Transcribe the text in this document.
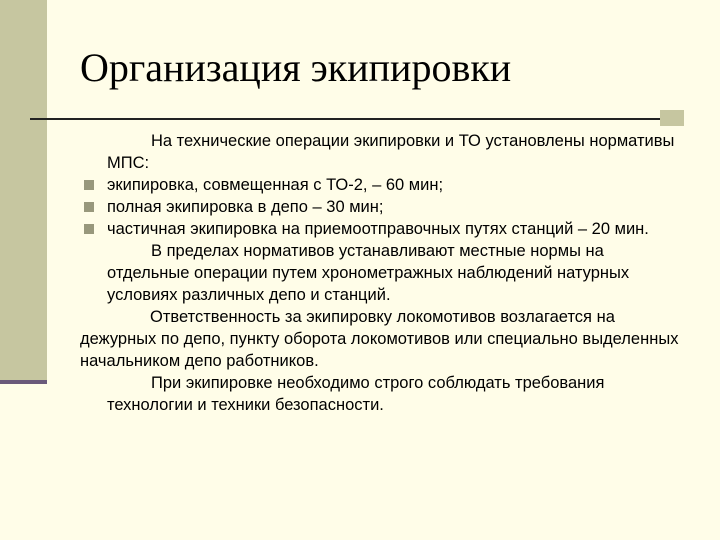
Организация экипировки

На технические операции экипировки и ТО установлены нормативы МПС:

экипировка, совмещенная с ТО-2, – 60 мин;

полная экипировка в депо – 30 мин;

частичная экипировка на приемоотправочных путях станций – 20 мин.

В пределах нормативов устанавливают местные нормы на отдельные операции путем хронометражных наблюдений натурных условиях различных депо и станций.

Ответственность за экипировку локомотивов возлагается на дежурных по депо, пункту оборота локомотивов или специально выделенных начальником депо работников.

При экипировке необходимо строго соблюдать требования технологии и техники безопасности.
